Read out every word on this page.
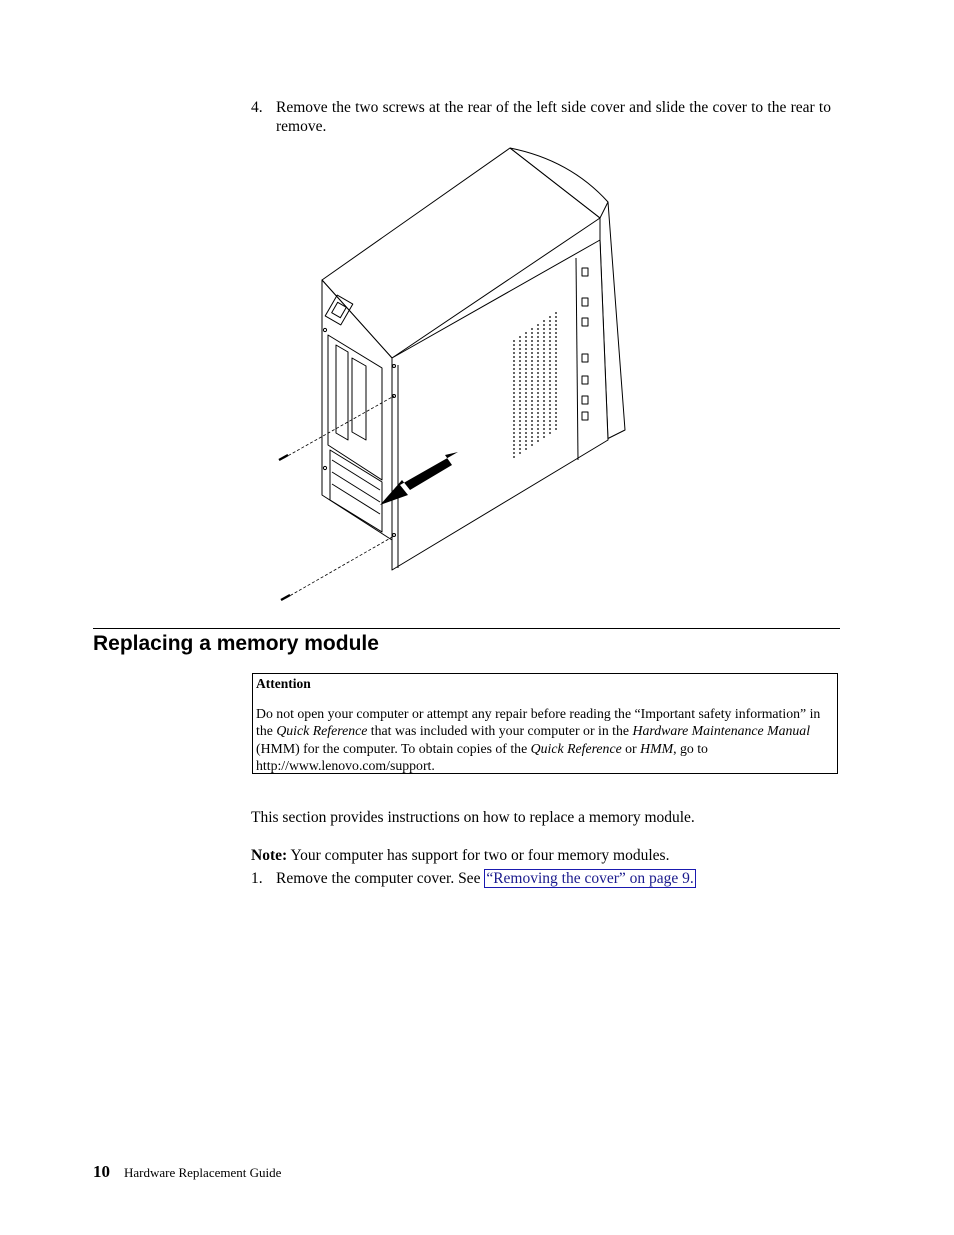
4. Remove the two screws at the rear of the left side cover and slide the cover to the rear to remove.
Replacing a memory module
Attention
Do not open your computer or attempt any repair before reading the “Important safety information” in the Quick Reference that was included with your computer or in the Hardware Maintenance Manual (HMM) for the computer. To obtain copies of the Quick Reference or HMM, go to http://www.lenovo.com/support.
This section provides instructions on how to replace a memory module.
Note: Your computer has support for two or four memory modules.
1. Remove the computer cover. See “Removing the cover” on page 9.
10 Hardware Replacement Guide
